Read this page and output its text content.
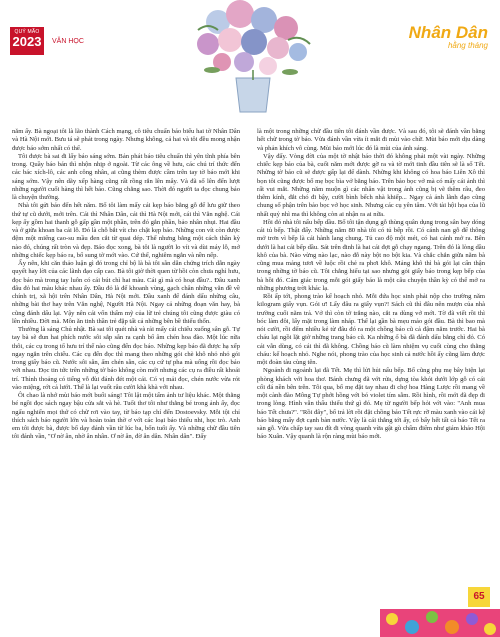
QUÝ MÃO
2023	VĂN HỌC	Nhân Dân
hằng tháng

năm ấy. Bà ngoại tôi là lão thành Cách mạng, cô tiêu chuẩn báo biếu hai tờ Nhân Dân và Hà Nội mới. Bưu tá sẽ phát trong ngày. Nhưng không, cả hai và tôi đều mong nhận được báo sớm nhất có thể.

Tôi được bà sai đi lấy báo sáng sớm. Bản phát báo tiêu chuẩn thì yên tĩnh phía bên trong. Quầy báo bán thì nhộn nhịp ở ngoài. Từ các ông về hưu, các chú trí thức đến các bác xích-lô, các anh công nhân, ai cũng thèm được cầm trên tay tờ báo mới khi sáng sớm. Vậy nên dãy xếp hàng cũng rất rồng rắn lên mây. Và đã số lên đến lượt những người cuối hàng thì hết báo. Cũng chẳng sao. Thời đó người ta đọc chung báo là chuyện thường.

Nhà tôi gửi báo đến hết năm. Bố tôi làm mấy cái kẹp báo bằng gỗ để lưu giữ theo thứ tự cũ dưới, mới trên. Cái thì Nhân Dân, cái thì Hà Nội mới, cái thì Văn nghệ. Cái kẹp ấy gồm hai thanh gỗ gấp gần một phần, trên đó gắn phần, bảo nhân nhụi. Hai đầu và ở giữa khoan ba cái lỗ. Đó là chỗ bắt vít cho chặt kẹp báo. Những con vít còn được đệm một miếng cao-su mầu đen cắt từ quai dép. Thế nhưng bằng một cách thần kỳ nào đó, chúng rất tròn và đẹp. Báo đọc xong, bà tôi là người lo vít và dùi máy lỗ, mở những chiếc kẹp báo ra, bổ sung tờ mới vào. Cứ thế, nghiêm ngắn và nền nếp.

Ấy nên, khi căn thảo luận gì đó trong chỉ bộ là bà tôi sẵn dẫn chứng trích dẫn ngày quyết hay lời của các lãnh đạo cấp cao. Bà tôi giờ thời quen từ hồi còn chưa nghỉ hưu, đọc báo mà trong tay luôn có cái bút chì hai màu. Cái gì mà có hoạt đầu?.. Đâu xanh đâu đỏ hai màu khác nhau ấy. Đầu đỏ là để khoanh vùng, gạch chân những văn đề về chính trị, xã hội trên Nhân Dân, Hà Nội mới. Đầu xanh để đánh dấu những câu, những bài thơ hay trên Văn nghệ, Người Hà Nội. Ngay cả những đoạn văn hay, bà cũng đánh dấu lại. Vậy nên cái vốn thấm mỹ của lữ trẻ chúng tôi cũng được giàu có lên nhiều. Đời mà. Môn ăn tinh thần trẻ đặp tất cả những bên bề thiếu thốn.

Thường là sáng Chủ nhật. Bà sai tôi quét nhà và rải mấy cái chiếu xuống sân gỗ. Tự tay bà sẽ đun hai phích nước sôi sắp sẵn ra cạnh bổ âm chén hoa đào. Một lúc nữa thôi, các cụ trong tổ hưu trí thế nào cũng đến đọc báo. Những kẹp báo đã được hạ xếp ngay ngắn trên chiếu. Các cụ đến đọc thì mang theo những gói chè khô nhỏ nhỏ gói trong giấy báo cũ. Nước sôi sẵn, ấm chén sẵn, các cụ cứ tự pha mà uống rồi đọc báo với nhau. Đọc tin tức trên những tờ báo không còn mới nhưng các cụ ra điều rất khoái trí. Thỉnh thoảng có tiếng vỗ đùi đánh đét một cái. Có vị mải đọc, chén nước vừa rót vào miệng, rớt cả lưới. Thế là lại vuốt râu cười khà khà với nhau.

Ôi chao là nhớ mùi báo mới buổi sáng! Tôi lật một tấm ảnh tư liệu khác. Một thằng bé ngồi đọc sách ngay bậu cửa sắt và hè. Tuổi thơ tôi như thằng bé trong ảnh ấy, đọc ngấu nghiến mọi thứ có chữ rơi vào tay, từ báo tạp chí đến Dostoevsky. Mỗi tội chỉ thích sách báo người lớn và hoàn toàn thờ ơ với các loại báo thiếu nhi, học trò. Anh em tôi được bà, được bố dạy đánh vần từ lúc ba, bốn tuổi ấy. Và những chữ đầu tiên tôi đánh vần, "Ơ nờ ân, nhờ ân nhân. Ơ nờ ân, đờ ân dân. Nhân dân". Đấy

là một trong những chữ đầu tiên tôi đánh vần được. Và sau đó, tôi sẽ đánh vần bằng hết chữ trong tờ báo. Vừa đánh vần vừa ít mắt đi mùi vào chữ. Mùi báo mới dịu dàng và phản khích vô cùng. Mùi báo mới lúc đó là mùi của ánh sáng.

Vậy đấy. Vòng đời của một tờ nhật báo thời đó không phải một vài ngày. Những chiếc kẹp báo của bà, cuối năm mới được gỡ ra và tờ mới tinh đầu tiên sẽ là số Tết. Những tờ báo cũ sẽ được gấp lại để dành. Những khi không có hoa báo Liên Xô thì bọn tôi cũng được bố mẹ bọc bìa vở bằng báo. Trên bảo bọc vở mà có mấy cái ảnh thì rất vui mắt. Những năm muộn gì các nhân vật trong ảnh cũng bị vẽ thêm râu, đeo thêm kính, đắt chó đi bậy, cười bình bếch nhà khiếp... Ngay cả ảnh lãnh đạo cũng chung số phận trên bảo bọc vở học sinh. Nhưng các cụ yên tâm. Với tài hội họa của lũ nhất quỷ nhì ma thì không còn ai nhận ra ai nữa.

Hồi đó nhà tôi nấu bếp dầu. Bố tôi tận dụng gỗ thùng quân dụng trong sân bay dóng cái tủ bếp. Thật đấy. Những năm 80 nhà tôi có tủ bếp rồi. Có cánh nan gỗ để thông mở trơn vì bếp là cái hành lang chung. Tủ cao độ một mét, có hai cánh mở ra. Bên dưới là hai cái bếp dầu. Sát trên đinh là hai cái đợt gỗ chạy ngang. Trên đó là lòng dầu khô của bà. Nào vừng nào lạc, nào đỗ này bột no bột kia. Và chắc chắn giữa năm bà cũng mua mảng tươi về luộc rồi chẻ ra phơi khô. Mảng khô thì bà gói lại cẩn thận trong những tờ báo cũ. Tôi chẳng hiểu tại sao nhưng gói giấy báo trong kẹp bếp của bà hồi đó. Cảm giác trong mỗi gói giấy báo là một câu chuyện thần kỳ có thể mở ra những phương trời khác lạ.

Rồi ấp tới, phong trào kế hoạch nhỏ. Mỗi đứa học sinh phải nộp cho trường năm kilogram giấy vụn. Gói ư! Lấy đâu ra giấy vụn?! Sách cũ thì đâu nên mượn của nhà trường cuối năm trả. Vở thì còn tờ trắng nào, cắt ra dùng vở mới. Tờ đã viết rồi thì bóc làm đôi, lấy mặt trong làm nháp. Thế lại gần bà mẹu mảo gói đầu. Bà thì bao mà nói cười, rồi đếm nhiều kẻ từ đâu đó ra một chồng báo cũ cả đậm năm trước. Hai bà cháu lại ngồi lặt giờ những trang báo cũ. Ka những ổ bà đã đánh dấu bằng chì đỏ. Có cái vẫn dùng, có cái thì đã không. Chồng báo cũ làm nhiệm vụ cuối cùng cho thằng cháu: kế hoạch nhỏ. Nghe nói, phong trào của học sinh cả nước hồi ấy cũng làm được một đoàn tàu cùng tên.

Ngoảnh đi ngoảnh lại đã Tết. Mẹ thì lửi hủi nấu bếp. Bố cũng phụ mẹ bây biện lại phòng khách với hoa thơ. Bánh chưng đã vớt rửa, dựng tòa khói dưới lớp gỗ có cái cối đá nền bên trên. Tôi qua, bố mẹ đặt tay nhau đi chợ hoa Hàng Lược rồi mang về một cành đào Mông Tự phớt hồng với bó violet tím sẫm. Rồi hình, rồi mới đã đẹp đi trong lòng. Hình vẫn thấu thiếu thứ gì đó. Mẹ từ người bếp hỏi với vào: "Anh mua báo Tết chưa?". "Rồi đây", bố trả lời rồi đặt chồng báo Tết rực rỡ màu xanh vào cái kệ báo bằng mấy đợt cạnh bàn nước. Vậy là cái thắng tới ấy, có bấy hết tất cả báo Tết ra sàn gỗ. Vừa chấp tay sau đít đi vòng quanh vừa gật gù chấm điểm như giám khảo Hội báo Xuân. Vậy quanh là rộn ràng mùi báo mới.

65
